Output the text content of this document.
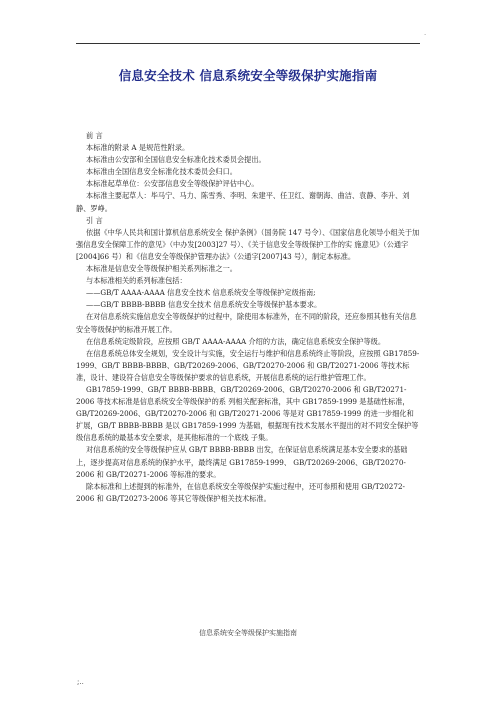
.
信息安全技术 信息系统安全等级保护实施指南

前 言

本标准的附录 A 是规范性附录。

本标准由公安部和全国信息安全标准化技术委员会提出。

本标准由全国信息安全标准化技术委员会归口。

本标准起草单位：公安部信息安全等级保护评估中心。

本标准主要起草人：毕马宁、马力、陈雪秀、李明、朱建平、任卫红、谢朝海、曲洁、袁静、李升、刘静、罗峥。

引 言

依据《中华人民共和国计算机信息系统安全 保护条例》（国务院 147 号令）、《国家信息化领导小组关于加强信息安全保障工作的意见》（中办发[2003]27 号）、《关于信息安全等级保护工作的实 施意见》（公通字[2004]66 号）和《信息安全等级保护管理办法》（公通字[2007]43 号），制定本标准。

本标准是信息安全等级保护相关系列标准之一。

与本标准相关的系列标准包括：

——GB/T AAAA-AAAA 信息安全技术 信息系统安全等级保护定级指南;

——GB/T BBBB-BBBB 信息安全技术 信息系统安全等级保护基本要求。

在对信息系统实施信息安全等级保护的过程中，除使用本标准外，在不同的阶段，还应参照其他有关信息安全等级保护的标准开展工作。

在信息系统定级阶段，应按照 GB/T AAAA-AAAA 介绍的方法，确定信息系统安全保护等级。

在信息系统总体安全规划，安全设计与实施，安全运行与维护和信息系统终止等阶段，应按照 GB17859-1999、GB/T BBBB-BBBB、GB/T20269-2006、GB/T20270-2006 和 GB/T20271-2006 等技术标准，设计、建设符合信息安全等级保护要求的信息系统，开展信息系统的运行维护管理工作。

GB17859-1999、GB/T BBBB-BBBB、GB/T20269-2006、GB/T20270-2006 和 GB/T20271-2006 等技术标准是信息系统安全等级保护的系 列相关配套标准，其中 GB17859-1999 是基础性标准，GB/T20269-2006、GB/T20270-2006 和 GB/T20271-2006 等是对 GB17859-1999 的进一步细化和扩展，GB/T BBBB-BBBB 是以 GB17859-1999 为基础，根据现有技术发展水平提出的对不同安全保护等级信息系统的最基本安全要求，是其他标准的一个底线 子集。

对信息系统的安全等级保护应从 GB/T BBBB-BBBB 出发，在保证信息系统满足基本安全要求的基础上，逐步提高对信息系统的保护水平，最终满足 GB17859-1999、 GB/T20269-2006、GB/T20270-2006 和 GB/T20271-2006 等标准的要求。

除本标准和上述提到的标准外，在信息系统安全等级保护实施过程中，还可参照和使用 GB/T20272-2006 和 GB/T20273-2006 等其它等级保护相关技术标准。

信息系统安全等级保护实施指南
;..
